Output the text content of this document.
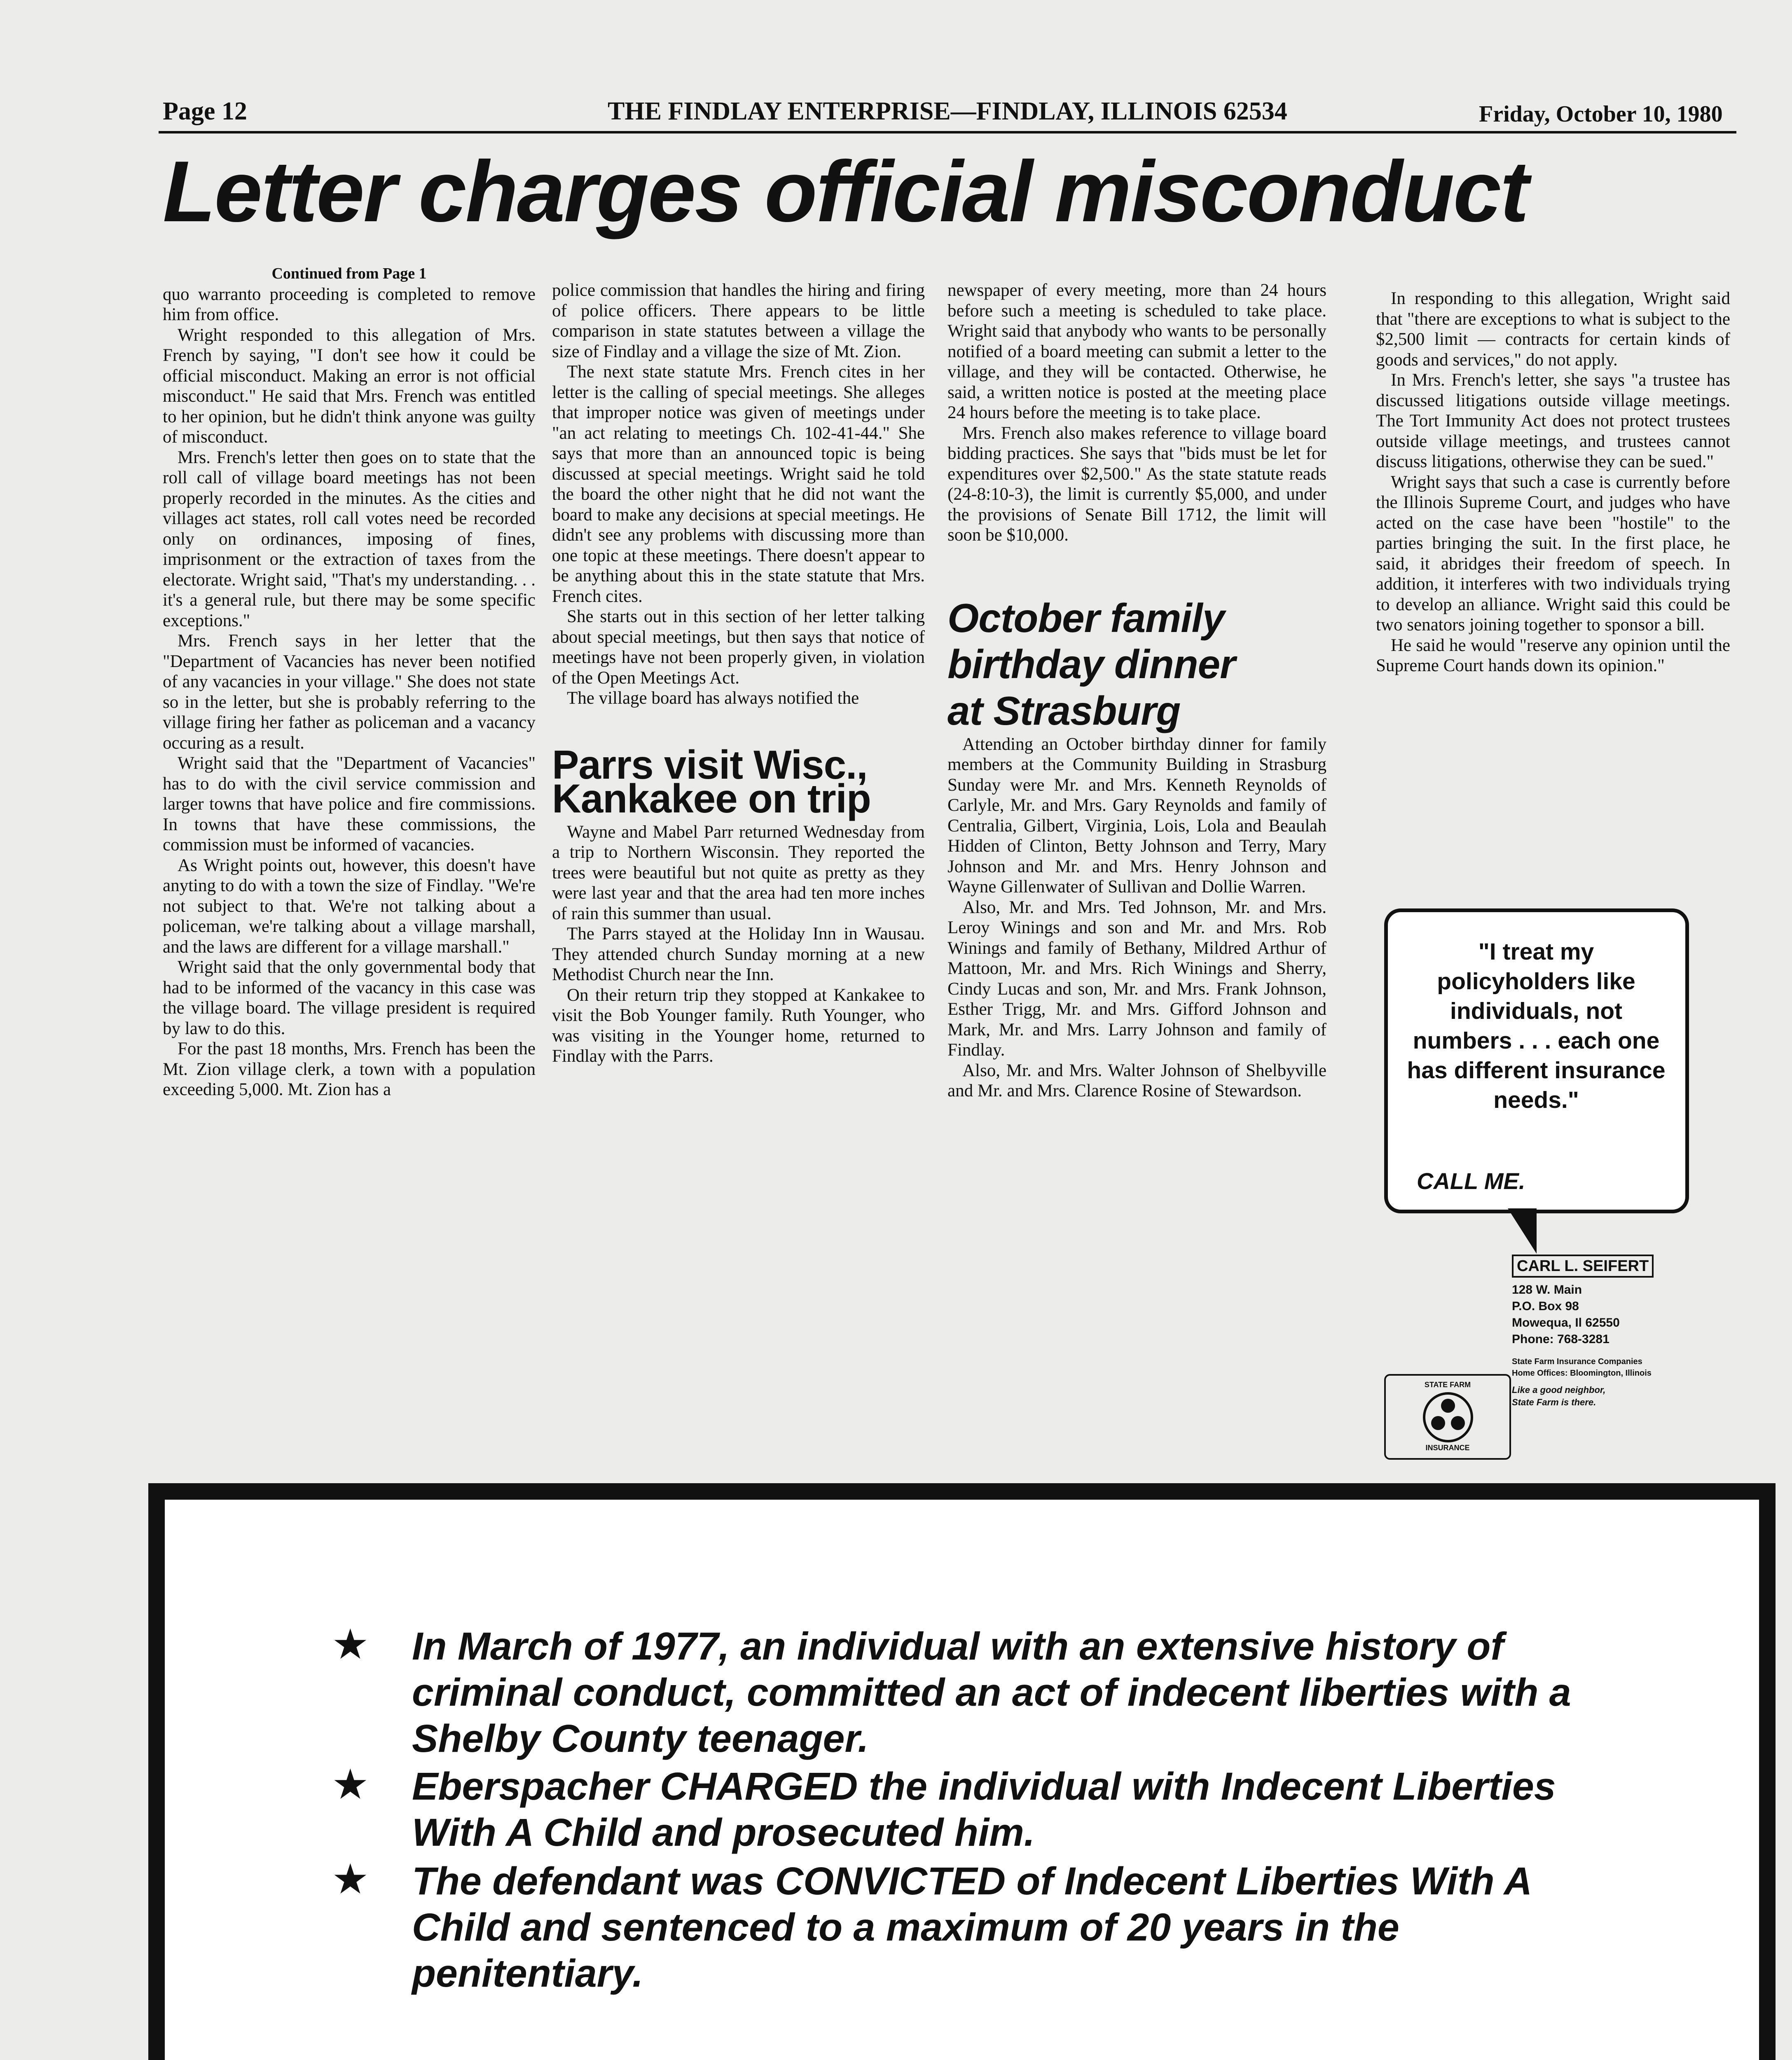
Page 12	THE FINDLAY ENTERPRISE—FINDLAY, ILLINOIS 62534	Friday, October 10, 1980
Letter charges official misconduct

Continued from Page 1

quo warranto proceeding is completed to remove him from office.

Wright responded to this allegation of Mrs. French by saying, "I don't see how it could be official misconduct. Making an error is not official misconduct." He said that Mrs. French was entitled to her opinion, but he didn't think anyone was guilty of misconduct.

Mrs. French's letter then goes on to state that the roll call of village board meetings has not been properly recorded in the minutes. As the cities and villages act states, roll call votes need be recorded only on ordinances, imposing of fines, imprisonment or the extraction of taxes from the electorate. Wright said, "That's my understanding. . . it's a general rule, but there may be some specific exceptions."

Mrs. French says in her letter that the "Department of Vacancies has never been notified of any vacancies in your village." She does not state so in the letter, but she is probably referring to the village firing her father as policeman and a vacancy occuring as a result.

Wright said that the "Department of Vacancies" has to do with the civil service commission and larger towns that have police and fire commissions. In towns that have these commissions, the commission must be informed of vacancies.

As Wright points out, however, this doesn't have anyting to do with a town the size of Findlay. "We're not subject to that. We're not talking about a policeman, we're talking about a village marshall, and the laws are different for a village marshall."

Wright said that the only governmental body that had to be informed of the vacancy in this case was the village board. The village president is required by law to do this.

For the past 18 months, Mrs. French has been the Mt. Zion village clerk, a town with a population exceeding 5,000. Mt. Zion has a

police commission that handles the hiring and firing of police officers. There appears to be little comparison in state statutes between a village the size of Findlay and a village the size of Mt. Zion.

The next state statute Mrs. French cites in her letter is the calling of special meetings. She alleges that improper notice was given of meetings under "an act relating to meetings Ch. 102-41-44." She says that more than an announced topic is being discussed at special meetings. Wright said he told the board the other night that he did not want the board to make any decisions at special meetings. He didn't see any problems with discussing more than one topic at these meetings. There doesn't appear to be anything about this in the state statute that Mrs. French cites.

She starts out in this section of her letter talking about special meetings, but then says that notice of meetings have not been properly given, in violation of the Open Meetings Act.

The village board has always notified the

Parrs visit Wisc.,

Kankakee on trip

Wayne and Mabel Parr returned Wednesday from a trip to Northern Wisconsin. They reported the trees were beautiful but not quite as pretty as they were last year and that the area had ten more inches of rain this summer than usual.

The Parrs stayed at the Holiday Inn in Wausau. They attended church Sunday morning at a new Methodist Church near the Inn.

On their return trip they stopped at Kankakee to visit the Bob Younger family. Ruth Younger, who was visiting in the Younger home, returned to Findlay with the Parrs.

newspaper of every meeting, more than 24 hours before such a meeting is scheduled to take place. Wright said that anybody who wants to be personally notified of a board meeting can submit a letter to the village, and they will be contacted. Otherwise, he said, a written notice is posted at the meeting place 24 hours before the meeting is to take place.

Mrs. French also makes reference to village board bidding practices. She says that "bids must be let for expenditures over $2,500." As the state statute reads (24-8:10-3), the limit is currently $5,000, and under the provisions of Senate Bill 1712, the limit will soon be $10,000.

October family

birthday dinner

at Strasburg

Attending an October birthday dinner for family members at the Community Building in Strasburg Sunday were Mr. and Mrs. Kenneth Reynolds of Carlyle, Mr. and Mrs. Gary Reynolds and family of Centralia, Gilbert, Virginia, Lois, Lola and Beaulah Hidden of Clinton, Betty Johnson and Terry, Mary Johnson and Mr. and Mrs. Henry Johnson and Wayne Gillenwater of Sullivan and Dollie Warren.

Also, Mr. and Mrs. Ted Johnson, Mr. and Mrs. Leroy Winings and son and Mr. and Mrs. Rob Winings and family of Bethany, Mildred Arthur of Mattoon, Mr. and Mrs. Rich Winings and Sherry, Cindy Lucas and son, Mr. and Mrs. Frank Johnson, Esther Trigg, Mr. and Mrs. Gifford Johnson and Mark, Mr. and Mrs. Larry Johnson and family of Findlay.

Also, Mr. and Mrs. Walter Johnson of Shelbyville and Mr. and Mrs. Clarence Rosine of Stewardson.

In responding to this allegation, Wright said that "there are exceptions to what is subject to the $2,500 limit — contracts for certain kinds of goods and services," do not apply.

In Mrs. French's letter, she says "a trustee has discussed litigations outside village meetings. The Tort Immunity Act does not protect trustees outside village meetings, and trustees cannot discuss litigations, otherwise they can be sued."

Wright says that such a case is currently before the Illinois Supreme Court, and judges who have acted on the case have been "hostile" to the parties bringing the suit. In the first place, he said, it abridges their freedom of speech. In addition, it interferes with two individuals trying to develop an alliance. Wright said this could be two senators joining together to sponsor a bill.

He said he would "reserve any opinion until the Supreme Court hands down its opinion."

"I treat my policyholders like individuals, not numbers . . . each one has different insurance needs."
CALL ME.
CARL L. SEIFERT
128 W. Main
P.O. Box 98
Mowequa, Il 62550
Phone: 768-3281
State Farm Insurance Companies
Home Offices: Bloomington, Illinois
Like a good neighbor,
State Farm is there.
STATE FARM
INSURANCE
★ In March of 1977, an individual with an extensive history of criminal conduct, committed an act of indecent liberties with a Shelby County teenager.
★ Eberspacher CHARGED the individual with Indecent Liberties With A Child and prosecuted him.
★ The defendant was CONVICTED of Indecent Liberties With A Child and sentenced to a maximum of 20 years in the penitentiary.
